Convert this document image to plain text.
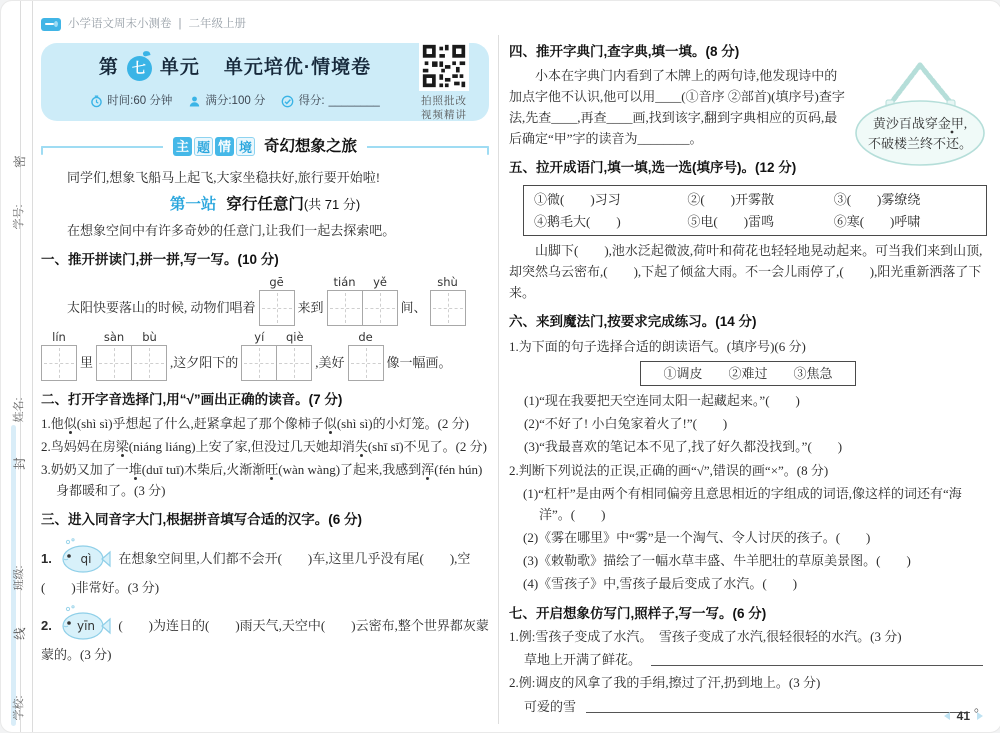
密
学号:
姓名:
封
班级:
线
学校:
小学语文周末小测卷 | 二年级上册
第 七 单元 单元培优·情境卷
时间:60 分钟	满分:100 分	得分: ________	拍照批改
视频精讲
主 题 情 境 奇幻想象之旅
同学们,想象飞船马上起飞,大家坐稳扶好,旅行要开始啦!
第一站 穿行任意门(共 71 分)
在想象空间中有许多奇妙的任意门,让我们一起去探索吧。
一、推开拼读门,拼一拼,写一写。(10 分)
太阳快要落山的时候, 动物们唱着
gē
来到
tián yě
间、
shù
lín
里
sàn bù
,这夕阳下的
yí qiè
,美好
de
像一幅画。
二、打开字音选择门,用“√”画出正确的读音。(7 分)
1.他似(shì sì)乎想起了什么,赶紧拿起了那个像柿子似(shì sì)的小灯笼。(2 分)
2.鸟妈妈在房梁(niáng liáng)上安了家,但没过几天她却消失(shī sī)不见了。(2 分)
3.奶奶又加了一堆(duī tuī)木柴后,火渐渐旺(wàn wàng)了起来,我感到浑(fén hún)身都暖和了。(3 分)
三、进入同音字大门,根据拼音填写合适的汉字。(6 分)
1. qì 在想象空间里,人们都不会开(　　)车,这里几乎没有尾(　　),空(　　)非常好。(3 分)
2. yīn (　　)为连日的(　　)雨天气,天空中(　　)云密布,整个世界都灰蒙蒙的。(3 分)
四、推开字典门,查字典,填一填。(8 分)
黄沙百战穿金甲,
不破楼兰终不还。

小本在字典门内看到了木牌上的两句诗,他发现诗中的加点字他不认识,他可以用____(①音序 ②部首)(填序号)查字法,先查____,再查____画,找到该字,翻到字典相应的页码,最后确定“甲”字的读音为________。

五、拉开成语门,填一填,选一选(填序号)。(12 分)
①微(　　)习习	②(　　)开雾散	③(　　)雾缭绕
④鹅毛大(　　)	⑤电(　　)雷鸣	⑥寒(　　)呼啸
山脚下(　　),池水泛起微波,荷叶和荷花也轻轻地晃动起来。可当我们来到山顶,却突然乌云密布,(　　),下起了倾盆大雨。不一会儿雨停了,(　　),阳光重新洒落了下来。
六、来到魔法门,按要求完成练习。(14 分)
1.为下面的句子选择合适的朗读语气。(填序号)(6 分)
①调皮　　②难过　　③焦急
(1)“现在我要把天空连同太阳一起藏起来。”(　　)
(2)“不好了! 小白兔家着火了!”(　　)
(3)“我最喜欢的笔记本不见了,找了好久都没找到。”(　　)
2.判断下列说法的正误,正确的画“√”,错误的画“×”。(8 分)
(1)“杠杆”是由两个有相同偏旁且意思相近的字组成的词语,像这样的词还有“海洋”。(　　)
(2)《雾在哪里》中“雾”是一个淘气、令人讨厌的孩子。(　　)
(3)《敕勒歌》描绘了一幅水草丰盛、牛羊肥壮的草原美景图。(　　)
(4)《雪孩子》中,雪孩子最后变成了水汽。(　　)
七、开启想象仿写门,照样子,写一写。(6 分)
1.例:雪孩子变成了水汽。　雪孩子变成了水汽,很轻很轻的水汽。(3 分)
草地上开满了鲜花。
2.例:调皮的风拿了我的手绢,擦过了汗,扔到地上。(3 分)
可爱的雪	。
41
